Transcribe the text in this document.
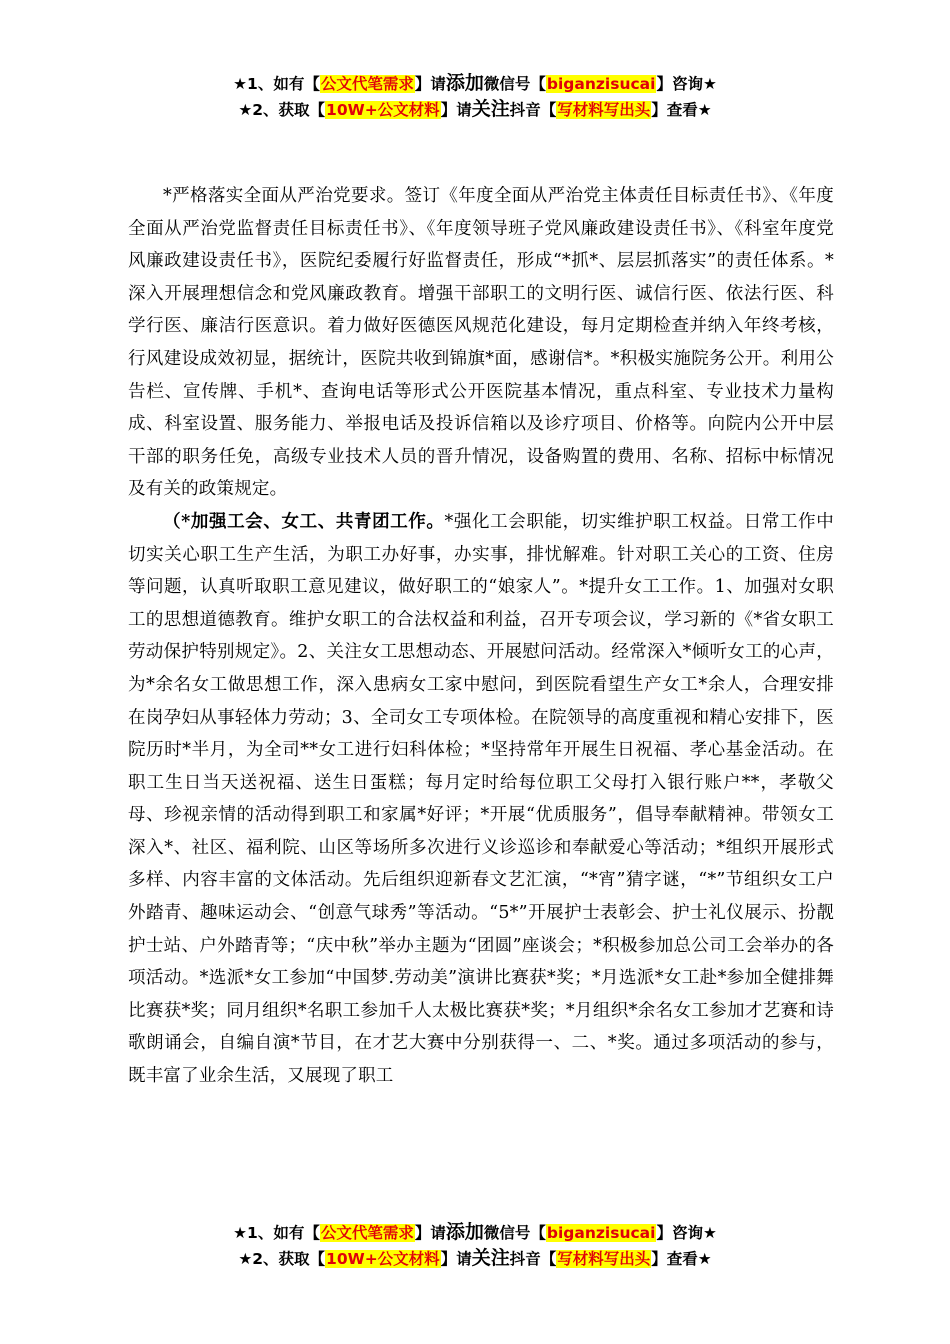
★1、如有【公文代笔需求】请添加微信号【biganzisucai】咨询★
★2、获取【10W+公文材料】请关注抖音【写材料写出头】查看★

*严格落实全面从严治党要求。签订《年度全面从严治党主体责任目标责任书》、《年度全面从严治党监督责任目标责任书》、《年度领导班子党风廉政建设责任书》、《科室年度党风廉政建设责任书》，医院纪委履行好监督责任，形成“*抓*、层层抓落实”的责任体系。*深入开展理想信念和党风廉政教育。增强干部职工的文明行医、诚信行医、依法行医、科学行医、廉洁行医意识。着力做好医德医风规范化建设，每月定期检查并纳入年终考核，行风建设成效初显，据统计，医院共收到锦旗*面，感谢信*。*积极实施院务公开。利用公告栏、宣传牌、手机*、查询电话等形式公开医院基本情况，重点科室、专业技术力量构成、科室设置、服务能力、举报电话及投诉信箱以及诊疗项目、价格等。向院内公开中层干部的职务任免，高级专业技术人员的晋升情况，设备购置的费用、名称、招标中标情况及有关的政策规定。

（*加强工会、女工、共青团工作。*强化工会职能，切实维护职工权益。日常工作中切实关心职工生产生活，为职工办好事，办实事，排忧解难。针对职工关心的工资、住房等问题，认真听取职工意见建议，做好职工的“娘家人”。*提升女工工作。1、加强对女职工的思想道德教育。维护女职工的合法权益和利益，召开专项会议，学习新的《*省女职工劳动保护特别规定》。2、关注女工思想动态、开展慰问活动。经常深入*倾听女工的心声，为*余名女工做思想工作，深入患病女工家中慰问，到医院看望生产女工*余人，合理安排在岗孕妇从事轻体力劳动；3、全司女工专项体检。在院领导的高度重视和精心安排下，医院历时*半月，为全司**女工进行妇科体检；*坚持常年开展生日祝福、孝心基金活动。在职工生日当天送祝福、送生日蛋糕；每月定时给每位职工父母打入银行账户**，孝敬父母、珍视亲情的活动得到职工和家属*好评；*开展“优质服务”，倡导奉献精神。带领女工深入*、社区、福利院、山区等场所多次进行义诊巡诊和奉献爱心等活动；*组织开展形式多样、内容丰富的文体活动。先后组织迎新春文艺汇演，“*宵”猜字谜，“*”节组织女工户外踏青、趣味运动会、“创意气球秀”等活动。“5*”开展护士表彰会、护士礼仪展示、扮靓护士站、户外踏青等；“庆中秋”举办主题为“团圆”座谈会；*积极参加总公司工会举办的各项活动。*选派*女工参加“中国梦.劳动美”演讲比赛获*奖；*月选派*女工赴*参加全健排舞比赛获*奖；同月组织*名职工参加千人太极比赛获*奖；*月组织*余名女工参加才艺赛和诗歌朗诵会，自编自演*节目，在才艺大赛中分别获得一、二、*奖。通过多项活动的参与，既丰富了业余生活，又展现了职工

★1、如有【公文代笔需求】请添加微信号【biganzisucai】咨询★
★2、获取【10W+公文材料】请关注抖音【写材料写出头】查看★
